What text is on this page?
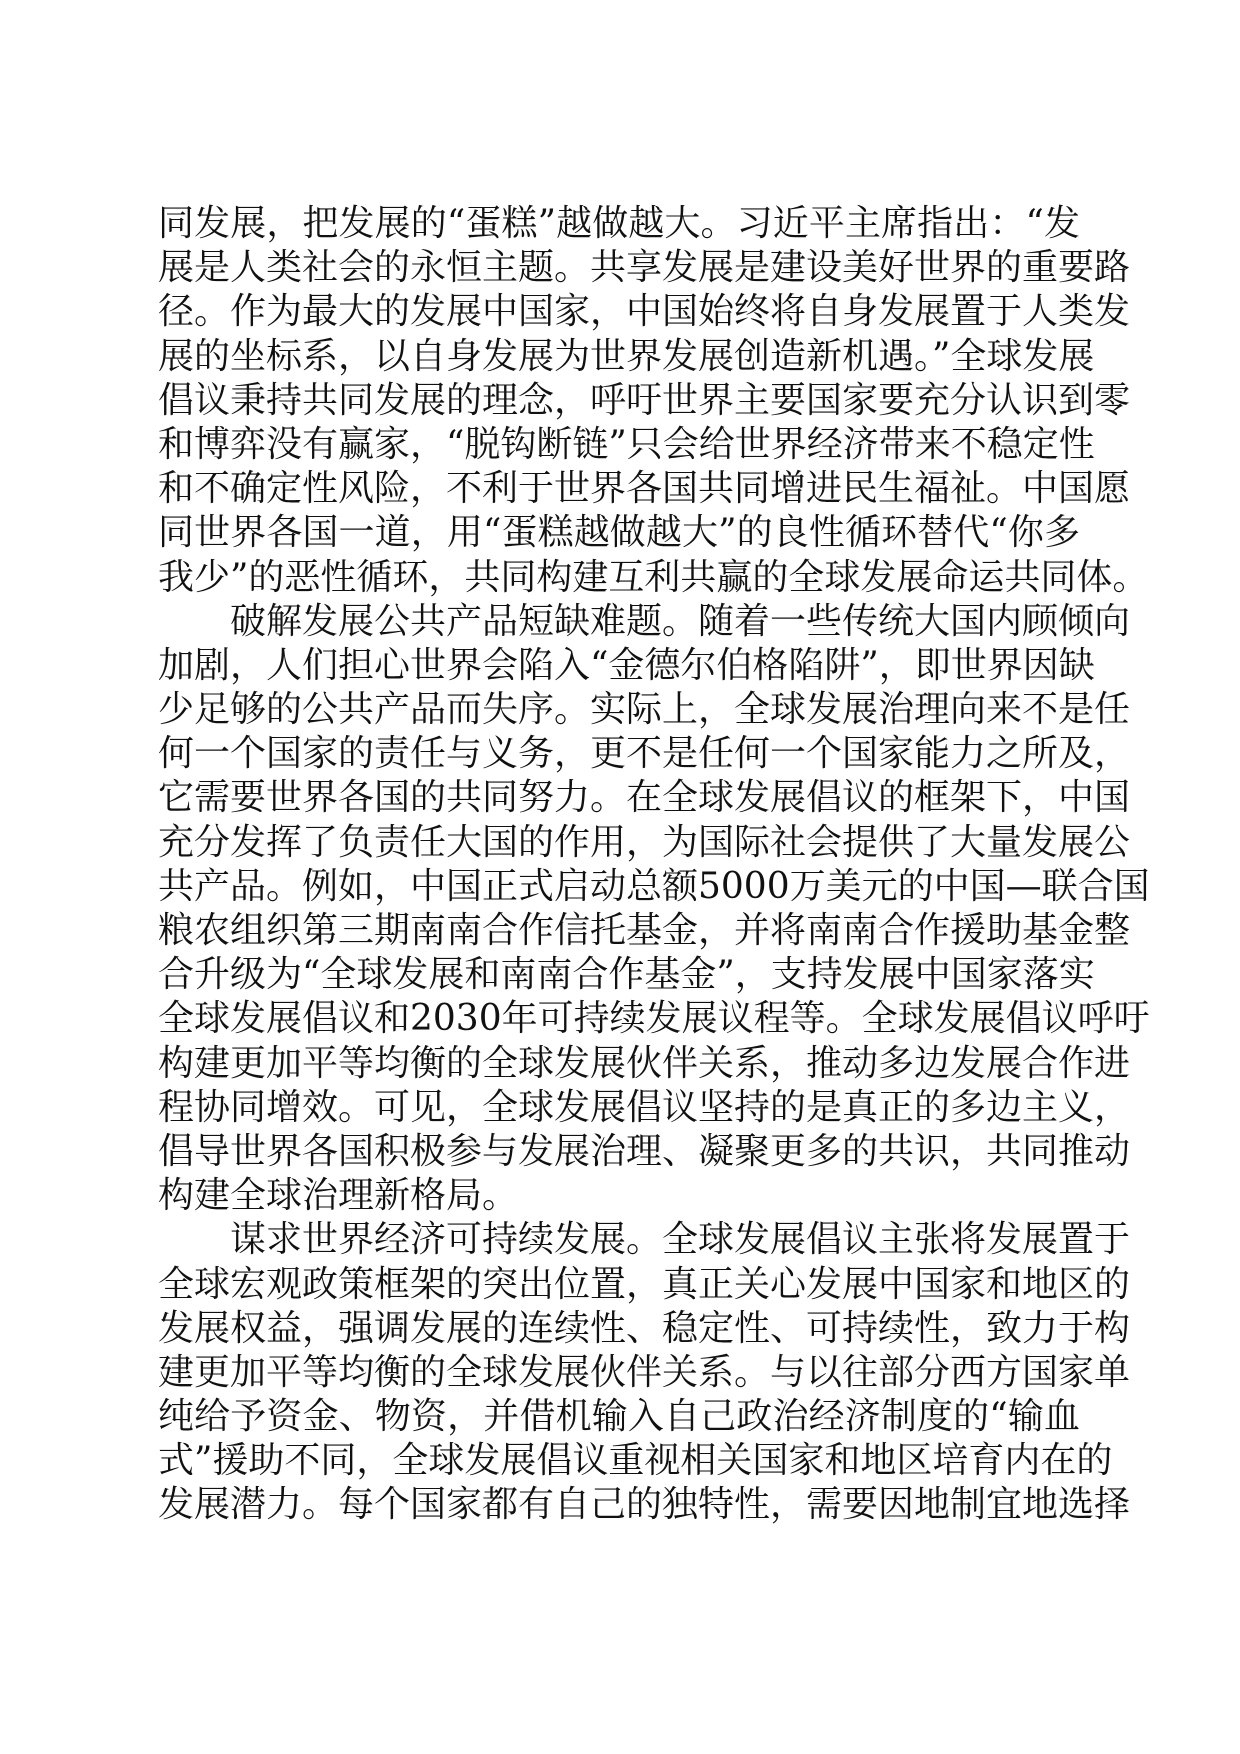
同发展，把发展的“蛋糕”越做越大。习近平主席指出：“发
展是人类社会的永恒主题。共享发展是建设美好世界的重要路
径。作为最大的发展中国家，中国始终将自身发展置于人类发
展的坐标系，以自身发展为世界发展创造新机遇。”全球发展
倡议秉持共同发展的理念，呼吁世界主要国家要充分认识到零
和博弈没有赢家，“脱钩断链”只会给世界经济带来不稳定性
和不确定性风险，不利于世界各国共同增进民生福祉。中国愿
同世界各国一道，用“蛋糕越做越大”的良性循环替代“你多
我少”的恶性循环，共同构建互利共赢的全球发展命运共同体。
破解发展公共产品短缺难题。随着一些传统大国内顾倾向
加剧，人们担心世界会陷入“金德尔伯格陷阱”，即世界因缺
少足够的公共产品而失序。实际上，全球发展治理向来不是任
何一个国家的责任与义务，更不是任何一个国家能力之所及，
它需要世界各国的共同努力。在全球发展倡议的框架下，中国
充分发挥了负责任大国的作用，为国际社会提供了大量发展公
共产品。例如，中国正式启动总额5000万美元的中国—联合国
粮农组织第三期南南合作信托基金，并将南南合作援助基金整
合升级为“全球发展和南南合作基金”，支持发展中国家落实
全球发展倡议和2030年可持续发展议程等。全球发展倡议呼吁
构建更加平等均衡的全球发展伙伴关系，推动多边发展合作进
程协同增效。可见，全球发展倡议坚持的是真正的多边主义，
倡导世界各国积极参与发展治理、凝聚更多的共识，共同推动
构建全球治理新格局。
谋求世界经济可持续发展。全球发展倡议主张将发展置于
全球宏观政策框架的突出位置，真正关心发展中国家和地区的
发展权益，强调发展的连续性、稳定性、可持续性，致力于构
建更加平等均衡的全球发展伙伴关系。与以往部分西方国家单
纯给予资金、物资，并借机输入自己政治经济制度的“输血
式”援助不同，全球发展倡议重视相关国家和地区培育内在的
发展潜力。每个国家都有自己的独特性，需要因地制宜地选择
